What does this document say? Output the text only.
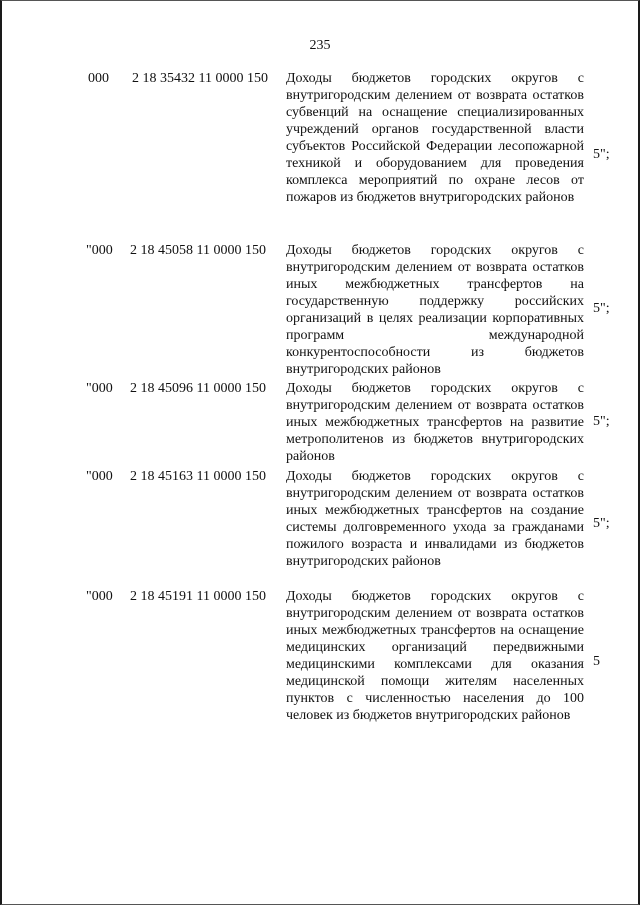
235
000 2 18 35432 11 0000 150 Доходы бюджетов городских округов с внутригородским делением от возврата остатков субвенций на оснащение специализированных учреждений органов государственной власти субъектов Российской Федерации лесопожарной техникой и оборудованием для проведения комплекса мероприятий по охране лесов от пожаров из бюджетов внутригородских районов

5";
"000 2 18 45058 11 0000 150 Доходы бюджетов городских округов с внутригородским делением от возврата остатков иных межбюджетных трансфертов на государственную поддержку российских организаций в целях реализации корпоративных программ международной конкурентоспособности из бюджетов внутригородских районов

5";
"000 2 18 45096 11 0000 150 Доходы бюджетов городских округов с внутригородским делением от возврата остатков иных межбюджетных трансфертов на развитие метрополитенов из бюджетов внутригородских районов

5";
"000 2 18 45163 11 0000 150 Доходы бюджетов городских округов с внутригородским делением от возврата остатков иных межбюджетных трансфертов на создание системы долговременного ухода за гражданами пожилого возраста и инвалидами из бюджетов внутригородских районов

5";
"000 2 18 45191 11 0000 150 Доходы бюджетов городских округов с внутригородским делением от возврата остатков иных межбюджетных трансфертов на оснащение медицинских организаций передвижными медицинскими комплексами для оказания медицинской помощи жителям населенных пунктов с численностью населения до 100 человек из бюджетов внутригородских районов

5
